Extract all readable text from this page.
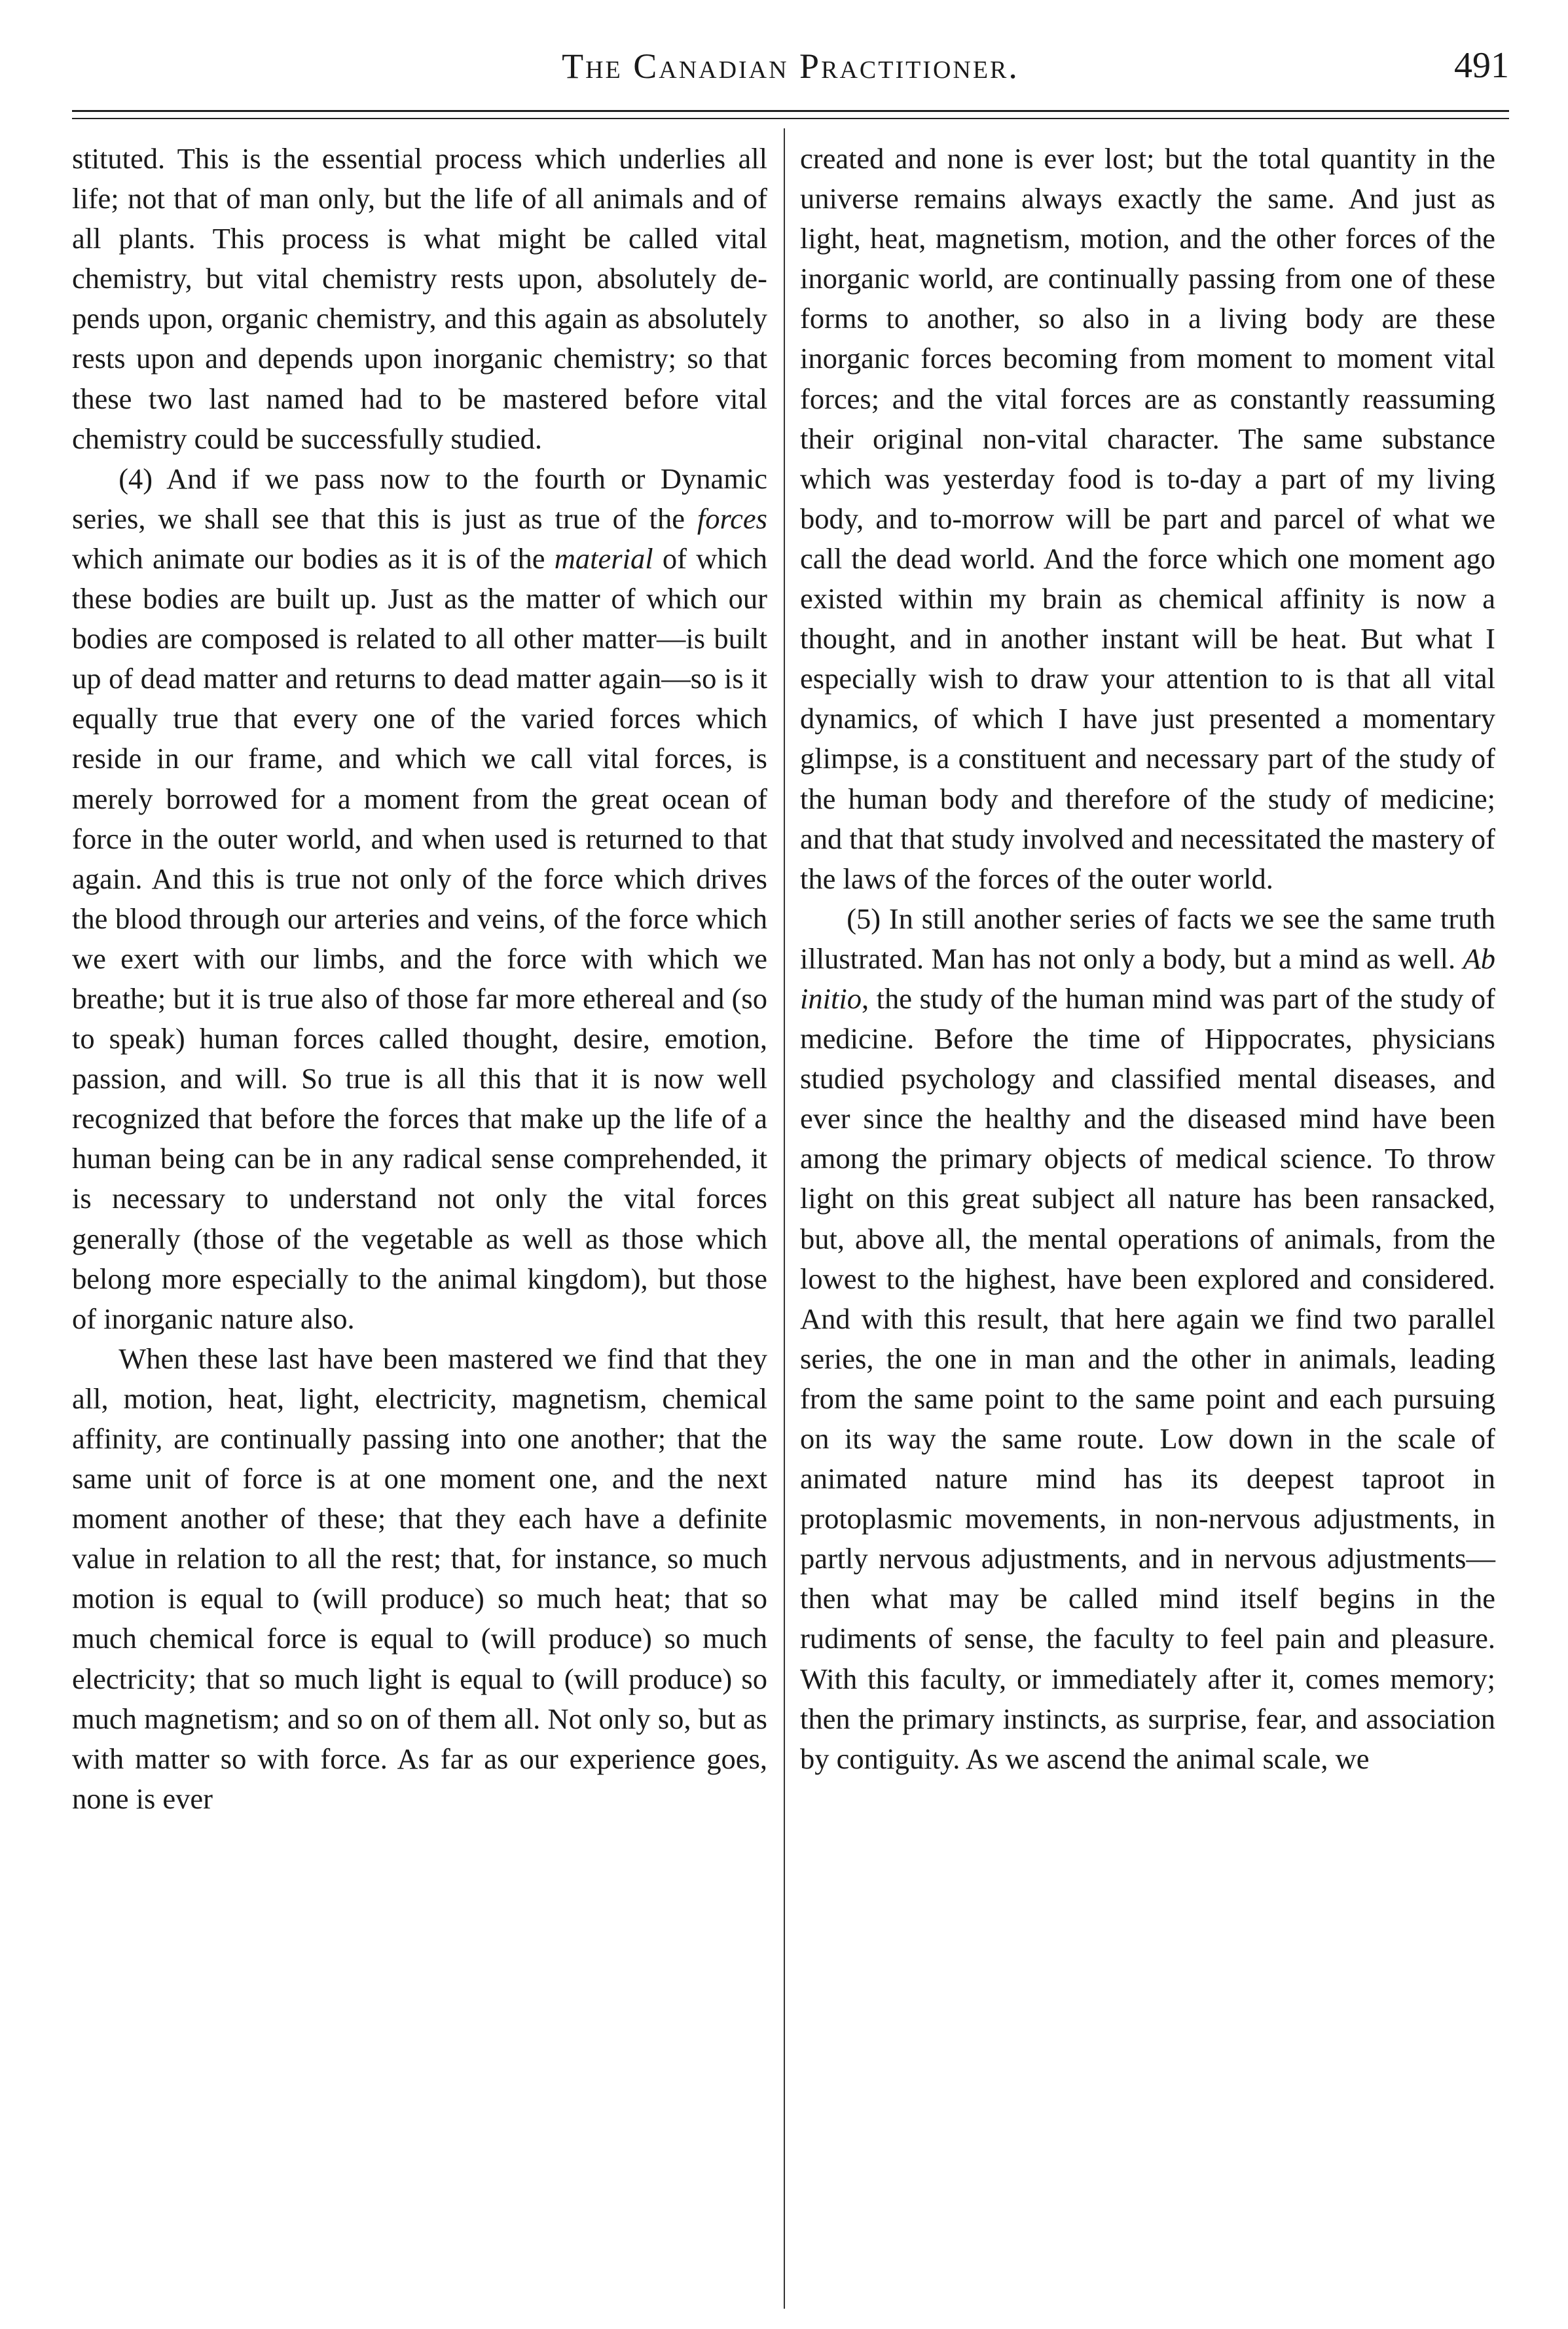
The Canadian Practitioner.	491

stituted. This is the essential process which underlies all life; not that of man only, but the life of all animals and of all plants. This process is what might be called vital chemistry, but vital chemistry rests upon, absolutely depends upon, organic chemistry, and this again as absolutely rests upon and depends upon inorganic chemistry; so that these two last named had to be mastered before vital chemistry could be successfully studied.

(4) And if we pass now to the fourth or Dynamic series, we shall see that this is just as true of the forces which animate our bodies as it is of the material of which these bodies are built up. Just as the matter of which our bodies are composed is related to all other matter—is built up of dead matter and returns to dead matter again—so is it equally true that every one of the varied forces which reside in our frame, and which we call vital forces, is merely borrowed for a moment from the great ocean of force in the outer world, and when used is returned to that again. And this is true not only of the force which drives the blood through our arteries and veins, of the force which we exert with our limbs, and the force with which we breathe; but it is true also of those far more ethereal and (so to speak) human forces called thought, desire, emotion, passion, and will. So true is all this that it is now well recognized that before the forces that make up the life of a human being can be in any radical sense comprehended, it is necessary to understand not only the vital forces generally (those of the vegetable as well as those which belong more especially to the animal kingdom), but those of inorganic nature also.

When these last have been mastered we find that they all, motion, heat, light, electricity, magnetism, chemical affinity, are continually passing into one another; that the same unit of force is at one moment one, and the next moment another of these; that they each have a definite value in relation to all the rest; that, for instance, so much motion is equal to (will produce) so much heat; that so much chemical force is equal to (will produce) so much electricity; that so much light is equal to (will produce) so much magnetism; and so on of them all. Not only so, but as with matter so with force. As far as our experience goes, none is ever

created and none is ever lost; but the total quantity in the universe remains always exactly the same. And just as light, heat, magnetism, motion, and the other forces of the inorganic world, are continually passing from one of these forms to another, so also in a living body are these inorganic forces becoming from moment to moment vital forces; and the vital forces are as constantly reassuming their original non-vital character. The same substance which was yesterday food is to-day a part of my living body, and to-morrow will be part and parcel of what we call the dead world. And the force which one moment ago existed within my brain as chemical affinity is now a thought, and in another instant will be heat. But what I especially wish to draw your attention to is that all vital dynamics, of which I have just presented a momentary glimpse, is a constituent and necessary part of the study of the human body and therefore of the study of medicine; and that that study involved and necessitated the mastery of the laws of the forces of the outer world.

(5) In still another series of facts we see the same truth illustrated. Man has not only a body, but a mind as well. Ab initio, the study of the human mind was part of the study of medicine. Before the time of Hippocrates, physicians studied psychology and classified mental diseases, and ever since the healthy and the diseased mind have been among the primary objects of medical science. To throw light on this great subject all nature has been ransacked, but, above all, the mental operations of animals, from the lowest to the highest, have been explored and considered. And with this result, that here again we find two parallel series, the one in man and the other in animals, leading from the same point to the same point and each pursuing on its way the same route. Low down in the scale of animated nature mind has its deepest taproot in protoplasmic movements, in non-nervous adjustments, in partly nervous adjustments, and in nervous adjustments—then what may be called mind itself begins in the rudiments of sense, the faculty to feel pain and pleasure. With this faculty, or immediately after it, comes memory; then the primary instincts, as surprise, fear, and association by contiguity. As we ascend the animal scale, we
